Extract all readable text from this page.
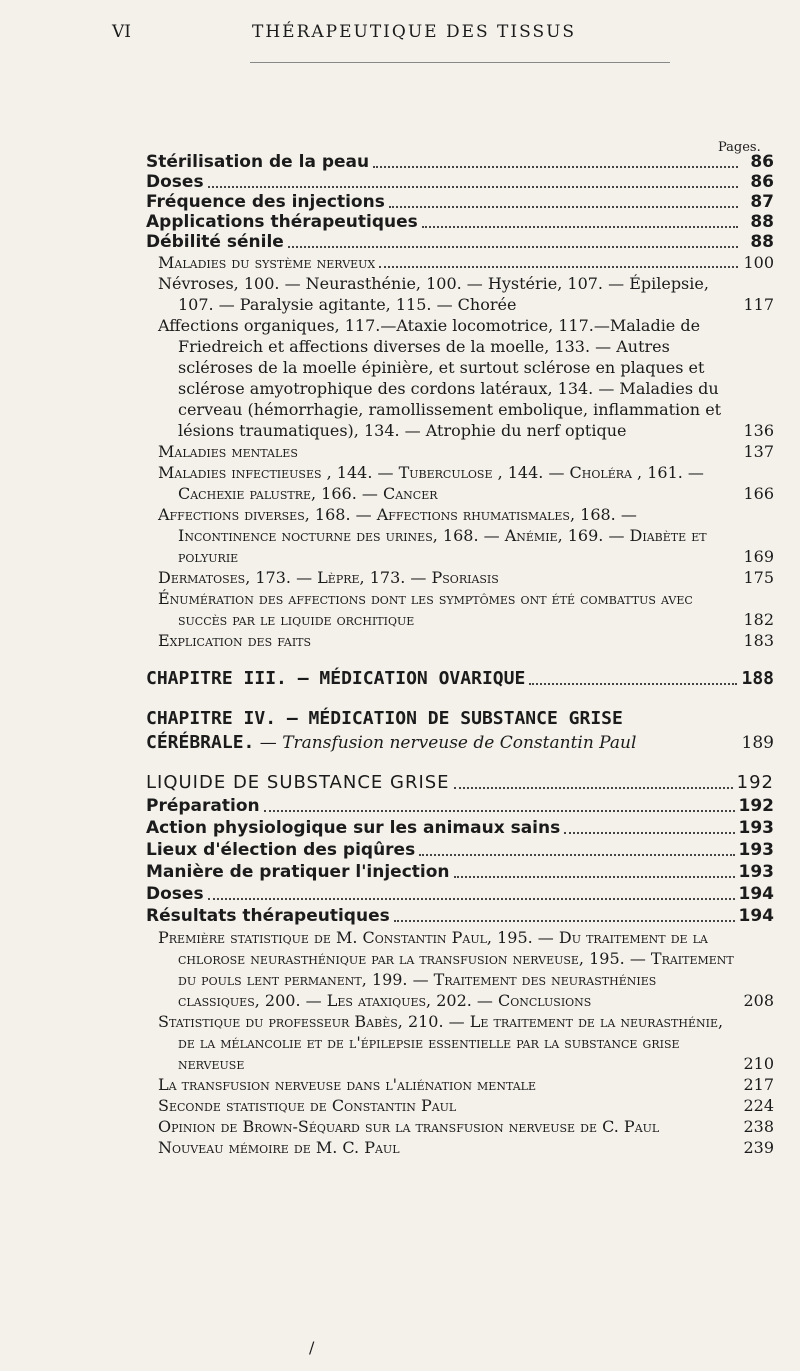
VI	THÉRAPEUTIQUE DES TISSUS
Pages.
Stérilisation de la peau	86
Doses	86
Fréquence des injections	87
Applications thérapeutiques	88
Débilité sénile	88
Maladies du système nerveux	100
Névroses, 100. — Neurasthénie, 100. — Hystérie, 107. — Épilepsie, 107. — Paralysie agitante, 115. — Chorée	117
Affections organiques, 117.—Ataxie locomotrice, 117.—Maladie de Friedreich et affections diverses de la moelle, 133. — Autres scléroses de la moelle épinière, et surtout sclérose en plaques et sclérose amyotrophique des cordons latéraux, 134. — Maladies du cerveau (hémorrhagie, ramollissement embolique, inflammation et lésions traumatiques), 134. — Atrophie du nerf optique	136
Maladies mentales	137
Maladies infectieuses , 144. — Tuberculose , 144. — Choléra , 161. — Cachexie palustre, 166. — Cancer	166
Affections diverses, 168. — Affections rhumatismales, 168. — Incontinence nocturne des urines, 168. — Anémie, 169. — Diabète et polyurie	169
Dermatoses, 173. — Lèpre, 173. — Psoriasis	175
Énumération des affections dont les symptômes ont été combattus avec succès par le liquide orchitique	182
Explication des faits	183
CHAPITRE III. — MÉDICATION OVARIQUE	188
CHAPITRE IV. — MÉDICATION DE SUBSTANCE GRISE CÉRÉBRALE. — Transfusion nerveuse de Constantin Paul	189
LIQUIDE DE SUBSTANCE GRISE	192
Préparation	192
Action physiologique sur les animaux sains	193
Lieux d'élection des piqûres	193
Manière de pratiquer l'injection	193
Doses	194
Résultats thérapeutiques	194
Première statistique de M. Constantin Paul, 195. — Du traitement de la chlorose neurasthénique par la transfusion nerveuse, 195. — Traitement du pouls lent permanent, 199. — Traitement des neurasthénies classiques, 200. — Les ataxiques, 202. — Conclusions	208
Statistique du professeur Babès, 210. — Le traitement de la neurasthénie, de la mélancolie et de l'épilepsie essentielle par la substance grise nerveuse	210
La transfusion nerveuse dans l'aliénation mentale	217
Seconde statistique de Constantin Paul	224
Opinion de Brown-Séquard sur la transfusion nerveuse de C. Paul	238
Nouveau mémoire de M. C. Paul	239
/
